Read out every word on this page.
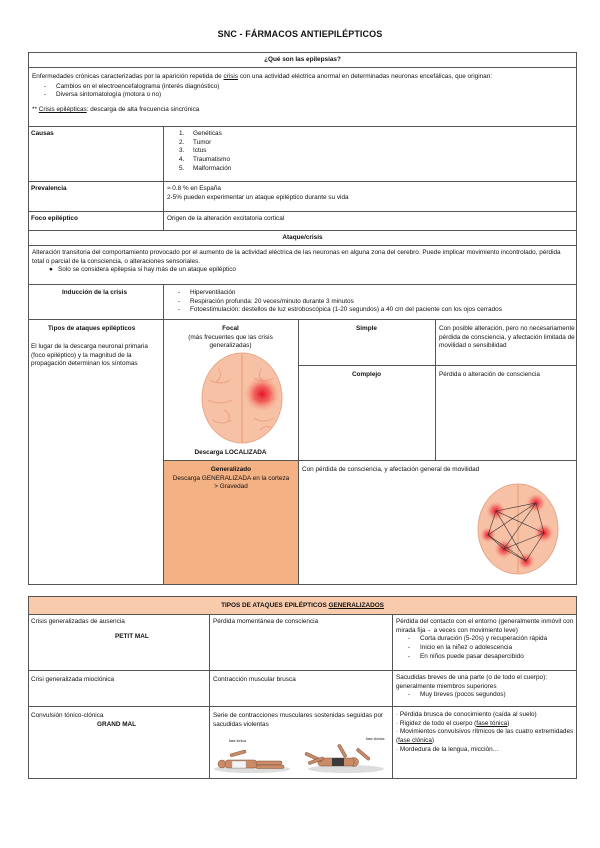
SNC - FÁRMACOS ANTIEPILÉPTICOS
¿Qué son las epilepsias?
Enfermedades crónicas caracterizadas por la aparición repetida de crisis con una actividad eléctrica anormal en determinadas neuronas encefálicas, que originan:
- Cambios en el electroencefalograma (interés diagnóstico)
- Diversa sintomatología (motora o no)
** Crisis epilépticas: descarga de alta frecuencia sincrónica
Causas	1.	Genéticas
2.	Tumor
3.	Ictus
4.	Traumatismo
5.	Malformación
Prevalencia	≈ 0.8 % en España
2-5% pueden experimentar un ataque epiléptico durante su vida
Foco epiléptico	Origen de la alteración excitatoria cortical
Ataque/crisis
Alteración transitoria del comportamiento provocado por el aumento de la actividad eléctrica de las neuronas en alguna zona del cerebro. Puede implicar movimiento incontrolado, pérdida total o parcial de la consciencia, o alteraciones sensoriales.
● Solo se considera epilepsia si hay más de un ataque epiléptico
Inducción de la crisis
-	Hiperventilación
- Respiración profunda: 20 veces/minuto durante 3 minutos
- Fotoestimulación: destellos de luz estroboscópica (1-20 segundos) a 40 cm del paciente con los ojos cerrados
Tipos de ataques epilépticos
El lugar de la descarga neuronal primaria (foco epiléptico) y la magnitud de la propagación determinan los síntomas
Focal
(más frecuentes que las crisis generalizadas)
Descarga LOCALIZADA
Simple	Con posible alteración, pero no necesariamente pérdida de consciencia, y afectación limitada de movilidad o sensibilidad
Complejo	Pérdida o alteración de consciencia
Generalizado
Descarga GENERALIZADA en la corteza
> Gravedad
Con pérdida de consciencia, y afectación general de movilidad
TIPOS DE ATAQUES EPILÉPTICOS GENERALIZADOS
Crisis generalizadas de ausencia
PETIT MAL
Pérdida momentánea de consciencia	Pérdida del contacto con el entorno (generalmente inmóvil con mirada fija→ a veces con movimiento leve)
- Corta duración (5-20s) y recuperación rápida
- Inicio en la niñez o adolescencia
- En niños puede pasar desapercibido
Crisi generalizada mioclónica	Contracción muscular brusca	Sacudidas breves de una parte (o de todo el cuerpo): generalmente miembros superiores
- Muy breves (pocos segundos)
Convulsión tónico-clónica
GRAND MAL
Serie de contracciones musculares sostenidas seguidas por sacudidas violentas
fase tónica	fase clónica
· Pérdida brusca de conocimiento (caída al suelo)
· Rigidez de todo el cuerpo (fase tónica)
· Movimientos convulsivos rítmicos de las cuatro extremidades (fase clónica)
· Mordedura de la lengua, micción…
